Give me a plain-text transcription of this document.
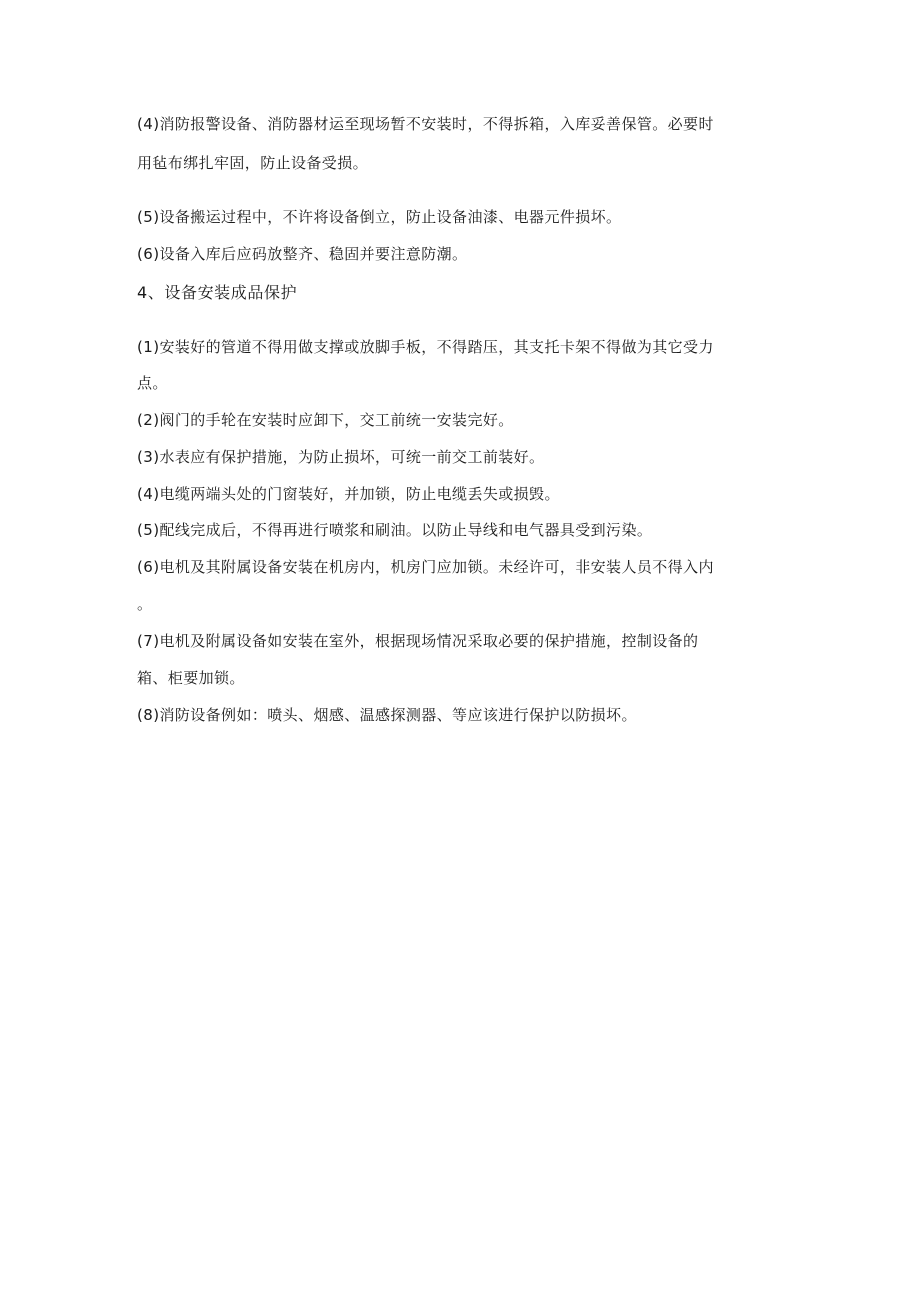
(4)消防报警设备、消防器材运至现场暂不安装时，不得拆箱，入库妥善保管。必要时
用毡布绑扎牢固，防止设备受损。
(5)设备搬运过程中，不许将设备倒立，防止设备油漆、电器元件损坏。
(6)设备入库后应码放整齐、稳固并要注意防潮。
4、设备安装成品保护
(1)安装好的管道不得用做支撑或放脚手板，不得踏压，其支托卡架不得做为其它受力
点。
(2)阀门的手轮在安装时应卸下，交工前统一安装完好。
(3)水表应有保护措施，为防止损坏，可统一前交工前装好。
(4)电缆两端头处的门窗装好，并加锁，防止电缆丢失或损毁。
(5)配线完成后，不得再进行喷浆和刷油。以防止导线和电气器具受到污染。
(6)电机及其附属设备安装在机房内，机房门应加锁。未经许可，非安装人员不得入内
。
(7)电机及附属设备如安装在室外，根据现场情况采取必要的保护措施，控制设备的
箱、柜要加锁。
(8)消防设备例如：喷头、烟感、温感探测器、等应该进行保护以防损坏。
